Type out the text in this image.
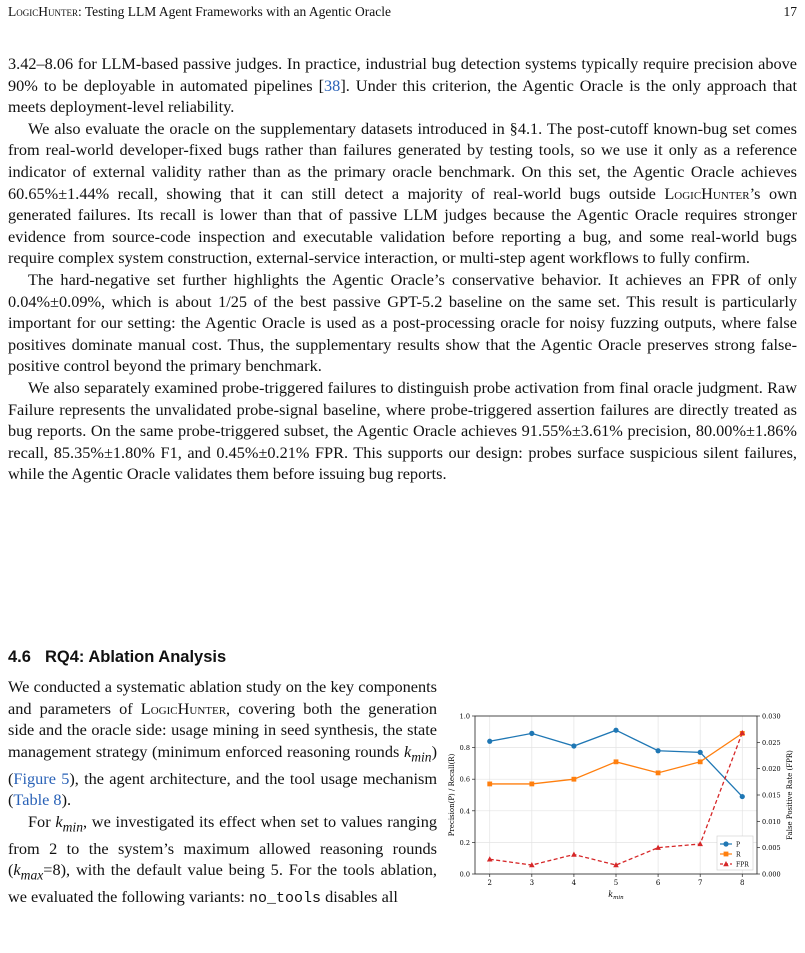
LogicHunter: Testing LLM Agent Frameworks with an Agentic Oracle	17

3.42–8.06 for LLM-based passive judges. In practice, industrial bug detection systems typically require precision above 90% to be deployable in automated pipelines [38]. Under this criterion, the Agentic Oracle is the only approach that meets deployment-level reliability.

We also evaluate the oracle on the supplementary datasets introduced in §4.1. The post-cutoff known-bug set comes from real-world developer-fixed bugs rather than failures generated by testing tools, so we use it only as a reference indicator of external validity rather than as the primary oracle benchmark. On this set, the Agentic Oracle achieves 60.65%±1.44% recall, showing that it can still detect a majority of real-world bugs outside LogicHunter’s own generated failures. Its recall is lower than that of passive LLM judges because the Agentic Oracle requires stronger evidence from source-code inspection and executable validation before reporting a bug, and some real-world bugs require complex system construction, external-service interaction, or multi-step agent workflows to fully confirm.

The hard-negative set further highlights the Agentic Oracle’s conservative behavior. It achieves an FPR of only 0.04%±0.09%, which is about 1/25 of the best passive GPT-5.2 baseline on the same set. This result is particularly important for our setting: the Agentic Oracle is used as a post-processing oracle for noisy fuzzing outputs, where false positives dominate manual cost. Thus, the supplementary results show that the Agentic Oracle preserves strong false-positive control beyond the primary benchmark.

We also separately examined probe-triggered failures to distinguish probe activation from final oracle judgment. Raw Failure represents the unvalidated probe-signal baseline, where probe-triggered assertion failures are directly treated as bug reports. On the same probe-triggered subset, the Agentic Oracle achieves 91.55%±3.61% precision, 80.00%±1.86% recall, 85.35%±1.80% F1, and 0.45%±0.21% FPR. This supports our design: probes surface suspicious silent failures, while the Agentic Oracle validates them before issuing bug reports.

4.6 RQ4: Ablation Analysis

We conducted a systematic ablation study on the key components and parameters of LogicHunter, covering both the generation side and the oracle side: usage mining in seed synthesis, the state management strategy (minimum enforced reasoning rounds $k_{min}$) (Figure 5), the agent architecture, and the tool usage mechanism (Table 8).

For $k_{min}$, we investigated its effect when set to values ranging from 2 to the system’s maximum allowed reasoning rounds $(k_{max}=8)$, with the default value being 5. For the tools ablation, we evaluated the following variants: no_tools disables all

2	3	4	5	6	7	8
0.0
0.2
0.4
0.6
0.8
1.0
0.000
0.005
0.010
0.015
0.020
0.025
0.030
$k_{min}$
Precision(P) / Recall(R)	False Positive Rate (FPR)
P
R
FPR
